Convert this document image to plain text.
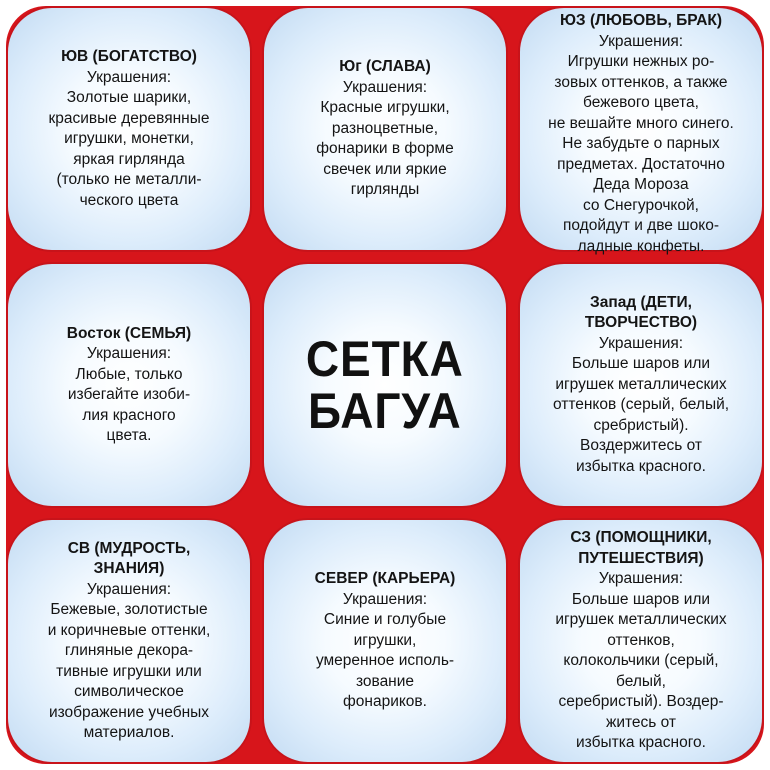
ЮВ (БОГАТСТВО)
Украшения:
Золотые шарики,
красивые деревянные
игрушки, монетки,
яркая гирлянда
(только не металли-
ческого цвета
Юг (СЛАВА)
Украшения:
Красные игрушки,
разноцветные,
фонарики в форме
свечек или яркие
гирлянды
ЮЗ (ЛЮБОВЬ, БРАК)
Украшения:
Игрушки нежных ро-
зовых оттенков, а также
бежевого цвета,
не вешайте много синего.
Не забудьте о парных
предметах. Достаточно
Деда Мороза
со Снегурочкой,
подойдут и две шоко-
ладные конфеты.
Восток (СЕМЬЯ)
Украшения:
Любые, только
избегайте изоби-
лия красного
цвета.
СЕТКА
БАГУА
Запад (ДЕТИ,
ТВОРЧЕСТВО)
Украшения:
Больше шаров или
игрушек металлических
оттенков (серый, белый,
сребристый).
Воздержитесь от
избытка красного.
СВ (МУДРОСТЬ,
ЗНАНИЯ)
Украшения:
Бежевые, золотистые
и коричневые оттенки,
глиняные декора-
тивные игрушки или
символическое
изображение учебных
материалов.
СЕВЕР (КАРЬЕРА)
Украшения:
Синие и голубые
игрушки,
умеренное исполь-
зование
фонариков.
СЗ (ПОМОЩНИКИ,
ПУТЕШЕСТВИЯ)
Украшения:
Больше шаров или
игрушек металлических
оттенков,
колокольчики (серый,
белый,
серебристый). Воздер-
житесь от
избытка красного.
